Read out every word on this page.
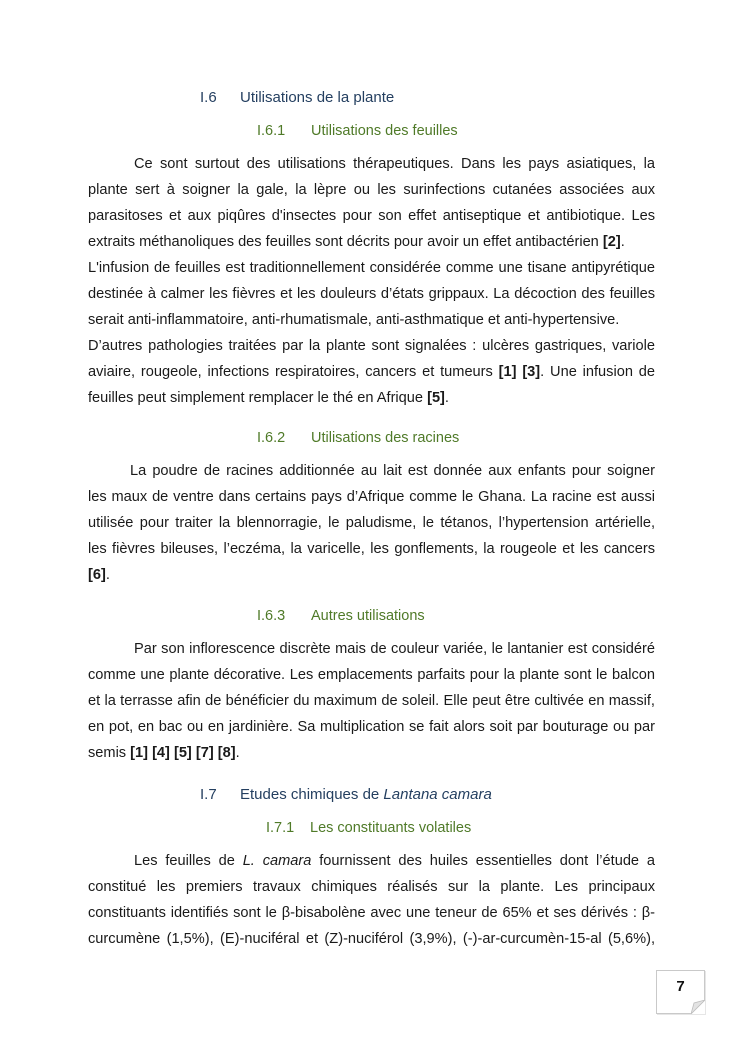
I.6 Utilisations de la plante
I.6.1 Utilisations des feuilles
Ce sont surtout des utilisations thérapeutiques. Dans les pays asiatiques, la
plante sert à soigner la gale, la lèpre ou les surinfections cutanées associées aux
parasitoses et aux piqûres d'insectes pour son effet antiseptique et antibiotique. Les
extraits méthanoliques des feuilles sont décrits pour avoir un effet antibactérien [2].
L'infusion de feuilles est traditionnellement considérée comme une tisane antipyrétique
destinée à calmer les fièvres et les douleurs d’états grippaux. La décoction des feuilles
serait anti-inflammatoire, anti-rhumatismale, anti-asthmatique et anti-hypertensive.
D’autres pathologies traitées par la plante sont signalées : ulcères gastriques, variole
aviaire, rougeole, infections respiratoires, cancers et tumeurs [1] [3]. Une infusion de
feuilles peut simplement remplacer le thé en Afrique [5].
I.6.2 Utilisations des racines
La poudre de racines additionnée au lait est donnée aux enfants pour soigner
les maux de ventre dans certains pays d’Afrique comme le Ghana. La racine est aussi
utilisée pour traiter la blennorragie, le paludisme, le tétanos, l’hypertension artérielle,
les fièvres bileuses, l’eczéma, la varicelle, les gonflements, la rougeole et les cancers
[6].
I.6.3 Autres utilisations
Par son inflorescence discrète mais de couleur variée, le lantanier est considéré
comme une plante décorative. Les emplacements parfaits pour la plante sont le balcon
et la terrasse afin de bénéficier du maximum de soleil. Elle peut être cultivée en massif,
en pot, en bac ou en jardinière. Sa multiplication se fait alors soit par bouturage ou par
semis [1] [4] [5] [7] [8].
I.7 Etudes chimiques de Lantana camara
I.7.1 Les constituants volatiles
Les feuilles de L. camara fournissent des huiles essentielles dont l’étude a
constitué les premiers travaux chimiques réalisés sur la plante. Les principaux
constituants identifiés sont le β-bisabolène avec une teneur de 65% et ses dérivés : β-
curcumène (1,5%), (E)-nuciféral et (Z)-nuciférol (3,9%), (-)-ar-curcumèn-15-al (5,6%),
7
